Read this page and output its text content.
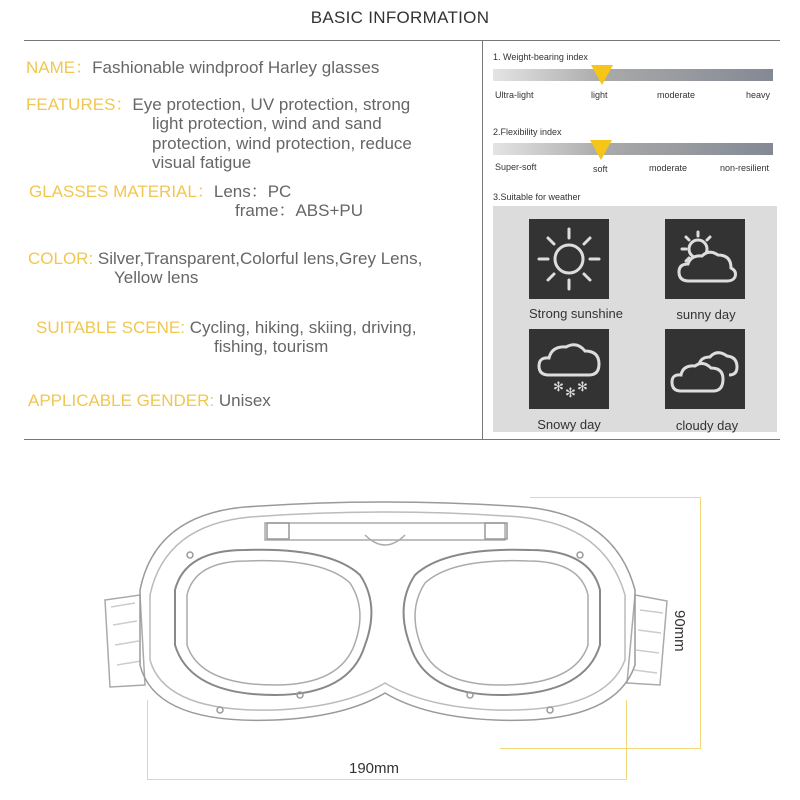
BASIC INFORMATION
NAME：Fashionable windproof Harley glasses
FEATURES：Eye protection, UV protection, strong
light protection, wind and sand
protection, wind protection, reduce
visual fatigue
GLASSES MATERIAL：Lens：PC
frame：ABS+PU
COLOR: Silver,Transparent,Colorful lens,Grey Lens,
Yellow lens
SUITABLE SCENE: Cycling, hiking, skiing, driving,
fishing, tourism
APPLICABLE GENDER: Unisex
1. Weight-bearing index
Ultra-light	light	moderate	heavy
2.Flexibility index
Super-soft	soft	moderate	non-resilient
3.Suitable for weather
Strong sunshine	sunny day
✻ ✻ ✻
Snowy day	cloudy day
90mm
190mm
